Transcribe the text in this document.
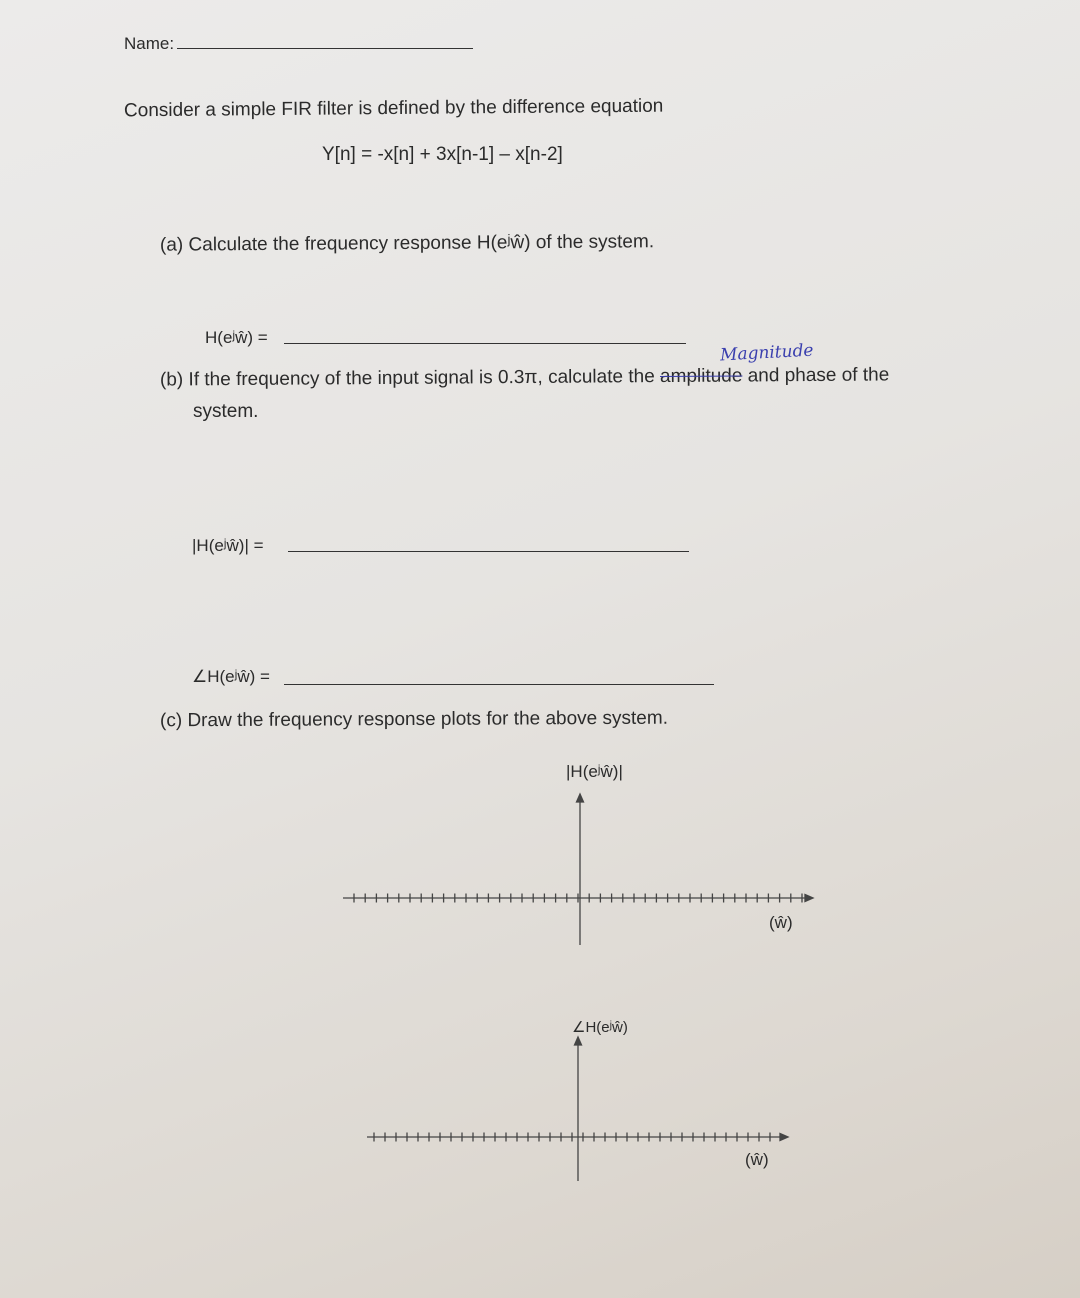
Name:
Consider a simple FIR filter is defined by the difference equation
Y[n] = -x[n] + 3x[n-1] – x[n-2]
(a) Calculate the frequency response H(eʲŵ) of the system.
H(eʲŵ) =
Magnitude
(b) If the frequency of the input signal is 0.3π, calculate the amplitude and phase of the
system.
|H(eʲŵ)| =
∠H(eʲŵ) =
(c) Draw the frequency response plots for the above system.
|H(eʲŵ)|
(ŵ)
∠H(eʲŵ)
(ŵ)
